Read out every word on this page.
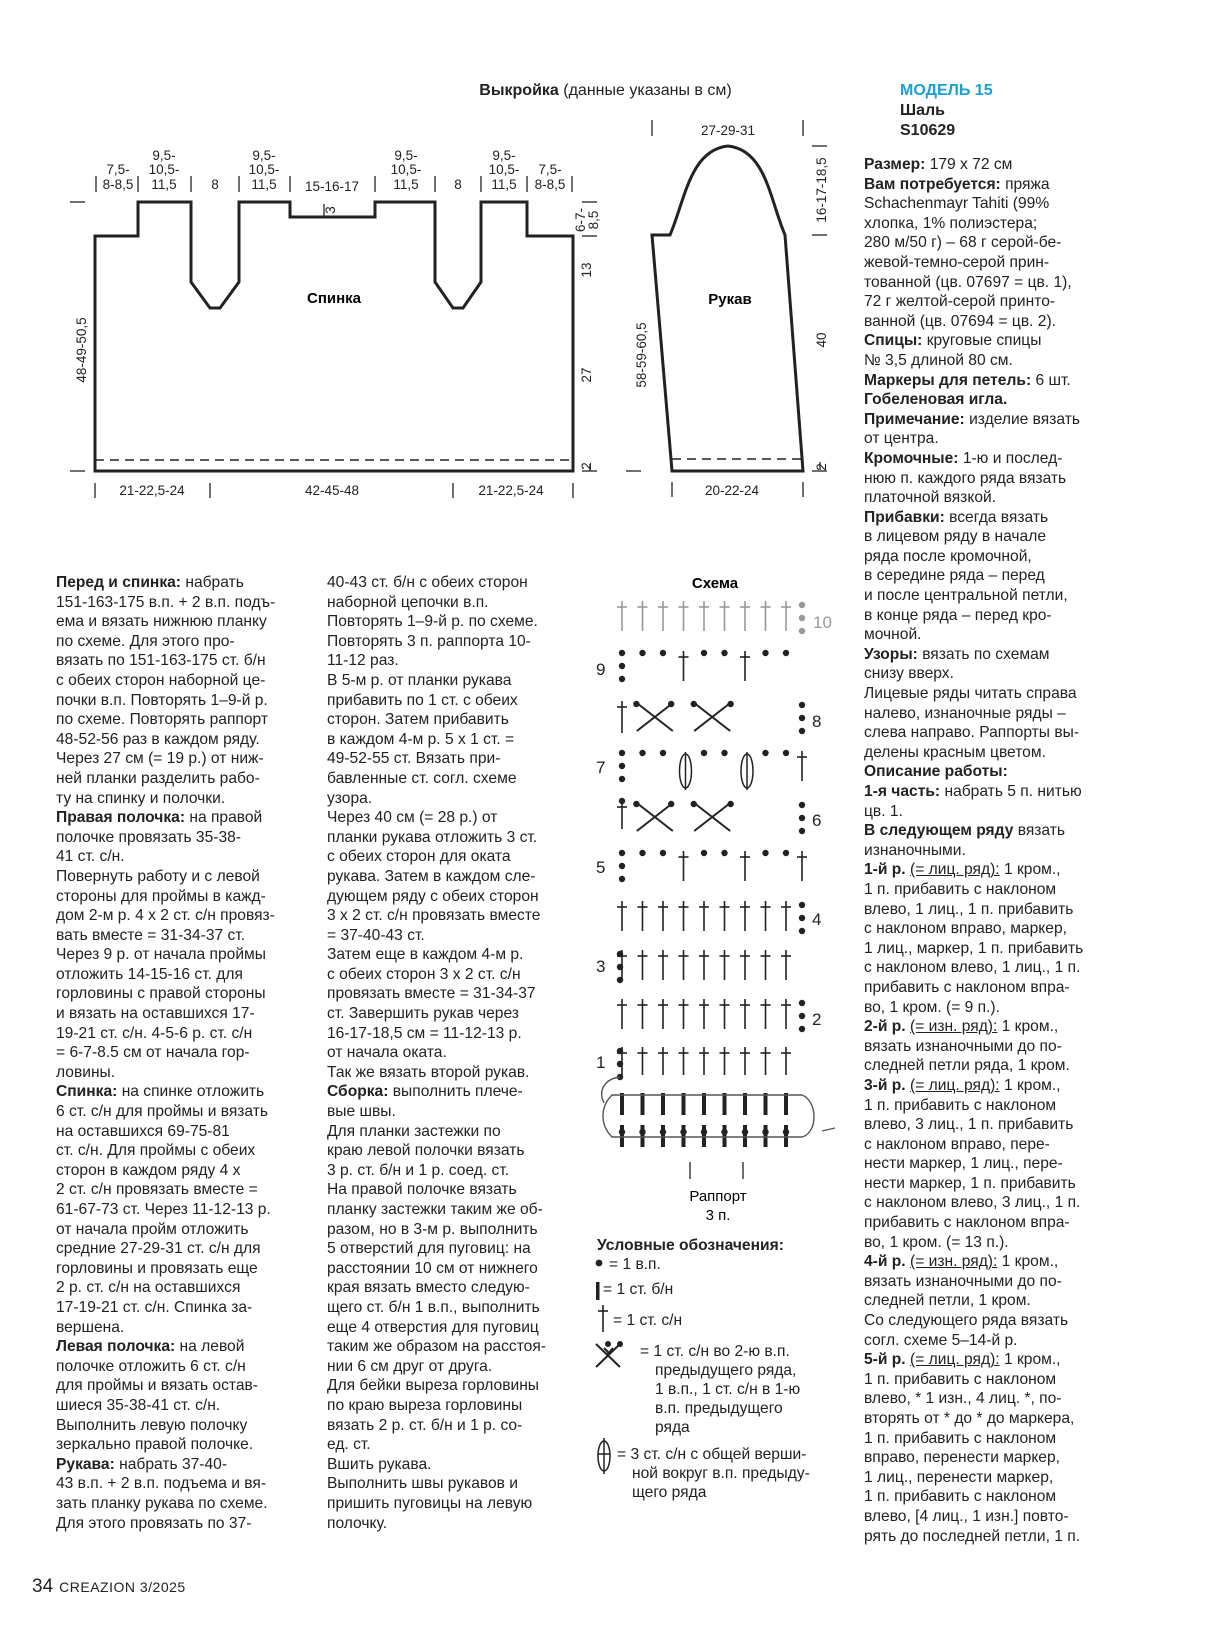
Выкройка (данные указаны в см)	МОДЕЛЬ 15
Шаль
S10629
Спинка
7,5-
8-8,5
9,5-
10,5-
11,5	8
9,5-
10,5-
11,5 15-16-17
9,5-
10,5-
11,5	8
9,5-
10,5-
11,5
7,5-
8-8,5
21-22,5-24	42-45-48	21-22,5-24
3	6-7-
8,5
13
27
2
48-49-50,5
Рукав
27-29-31
20-22-24
16-17-18,5
40
2
58-59-60,5

Перед и спинка: набрать

151-163-175 в.п. + 2 в.п. подъ-

ема и вязать нижнюю планку

по схеме. Для этого про-

вязать по 151-163-175 ст. б/н

с обеих сторон наборной це-

почки в.п. Повторять 1–9-й р.

по схеме. Повторять раппорт

48-52-56 раз в каждом ряду.

Через 27 см (= 19 р.) от ниж-

ней планки разделить рабо-

ту на спинку и полочки.

Правая полочка: на правой

полочке провязать 35-38-

41 ст. с/н.

Повернуть работу и с левой

стороны для проймы в кажд-

дом 2-м р. 4 х 2 ст. с/н провяз-

вать вместе = 31-34-37 ст.

Через 9 р. от начала проймы

отложить 14-15-16 ст. для

горловины с правой стороны

и вязать на оставшихся 17-

19-21 ст. с/н. 4-5-6 р. ст. с/н

= 6-7-8.5 см от начала гор-

ловины.

Спинка: на спинке отложить

6 ст. с/н для проймы и вязать

на оставшихся 69-75-81

ст. с/н. Для проймы с обеих

сторон в каждом ряду 4 х

2 ст. с/н провязать вместе =

61-67-73 ст. Через 11-12-13 р.

от начала пройм отложить

средние 27-29-31 ст. с/н для

горловины и провязать еще

2 р. ст. с/н на оставшихся

17-19-21 ст. с/н. Спинка за-

вершена.

Левая полочка: на левой

полочке отложить 6 ст. с/н

для проймы и вязать остав-

шиеся 35-38-41 ст. с/н.

Выполнить левую полочку

зеркально правой полочке.

Рукава: набрать 37-40-

43 в.п. + 2 в.п. подъема и вя-

зать планку рукава по схеме.

Для этого провязать по 37-

40-43 ст. б/н с обеих сторон

наборной цепочки в.п.

Повторять 1–9-й р. по схеме.

Повторять 3 п. раппорта 10-

11-12 раз.

В 5-м р. от планки рукава

прибавить по 1 ст. с обеих

сторон. Затем прибавить

в каждом 4-м р. 5 х 1 ст. =

49-52-55 ст. Вязать при-

бавленные ст. согл. схеме

узора.

Через 40 см (= 28 р.) от

планки рукава отложить 3 ст.

с обеих сторон для оката

рукава. Затем в каждом сле-

дующем ряду с обеих сторон

3 х 2 ст. с/н провязать вместе

= 37-40-43 ст.

Затем еще в каждом 4-м р.

с обеих сторон 3 х 2 ст. с/н

провязать вместе = 31-34-37

ст. Завершить рукав через

16-17-18,5 см = 11-12-13 р.

от начала оката.

Так же вязать второй рукав.

Сборка: выполнить плече-

вые швы.

Для планки застежки по

краю левой полочки вязать

3 р. ст. б/н и 1 р. соед. ст.

На правой полочке вязать

планку застежки таким же об-

разом, но в 3-м р. выполнить

5 отверстий для пуговиц: на

расстоянии 10 см от нижнего

края вязать вместо следую-

щего ст. б/н 1 в.п., выполнить

еще 4 отверстия для пуговиц

таким же образом на расстоя-

нии 6 см друг от друга.

Для бейки выреза горловины

по краю выреза горловины

вязать 2 р. ст. б/н и 1 р. со-

ед. ст.

Вшить рукава.

Выполнить швы рукавов и

пришить пуговицы на левую

полочку.

Размер: 179 х 72 см

Вам потребуется: пряжа

Schachenmayr Tahiti (99%

хлопка, 1% полиэстера;

280 м/50 г) – 68 г серой-бе-

жевой-темно-серой прин-

тованной (цв. 07697 = цв. 1),

72 г желтой-серой принто-

ванной (цв. 07694 = цв. 2).

Спицы: круговые спицы

№ 3,5 длиной 80 см.

Маркеры для петель: 6 шт.

Гобеленовая игла.

Примечание: изделие вязать

от центра.

Кромочные: 1-ю и послед-

нюю п. каждого ряда вязать

платочной вязкой.

Прибавки: всегда вязать

в лицевом ряду в начале

ряда после кромочной,

в середине ряда – перед

и после центральной петли,

в конце ряда – перед кро-

мочной.

Узоры: вязать по схемам

снизу вверх.

Лицевые ряды читать справа

налево, изнаночные ряды –

слева направо. Раппорты вы-

делены красным цветом.

Описание работы:

1-я часть: набрать 5 п. нитью

цв. 1.

В следующем ряду вязать

изнаночными.

1-й р. (= лиц. ряд): 1 кром.,

1 п. прибавить с наклоном

влево, 1 лиц., 1 п. прибавить

с наклоном вправо, маркер,

1 лиц., маркер, 1 п. прибавить

с наклоном влево, 1 лиц., 1 п.

прибавить с наклоном впра-

во, 1 кром. (= 9 п.).

2-й р. (= изн. ряд): 1 кром.,

вязать изнаночными до по-

следней петли ряда, 1 кром.

3-й р. (= лиц. ряд): 1 кром.,

1 п. прибавить с наклоном

влево, 3 лиц., 1 п. прибавить

с наклоном вправо, пере-

нести маркер, 1 лиц., пере-

нести маркер, 1 п. прибавить

с наклоном влево, 3 лиц., 1 п.

прибавить с наклоном впра-

во, 1 кром. (= 13 п.).

4-й р. (= изн. ряд): 1 кром.,

вязать изнаночными до по-

следней петли, 1 кром.

Со следующего ряда вязать

согл. схеме 5–14-й р.

5-й р. (= лиц. ряд): 1 кром.,

1 п. прибавить с наклоном

влево, * 1 изн., 4 лиц. *, по-

вторять от * до * до маркера,

1 п. прибавить с наклоном

вправо, перенести маркер,

1 лиц., перенести маркер,

1 п. прибавить с наклоном

влево, [4 лиц., 1 изн.] повто-

рять до последней петли, 1 п.

Схема
10
9
8
7
6
5
4
3
2
1
Раппорт
3 п.
Условные обозначения:
= 1 в.п.
= 1 ст. б/н
= 1 ст. с/н
= 1 ст. с/н во 2-ю в.п.
предыдущего ряда,
1 в.п., 1 ст. с/н в 1-ю
в.п. предыдущего
ряда
= 3 ст. с/н с общей верши-
ной вокруг в.п. предыду-
щего ряда
34 CREAZION 3/2025
